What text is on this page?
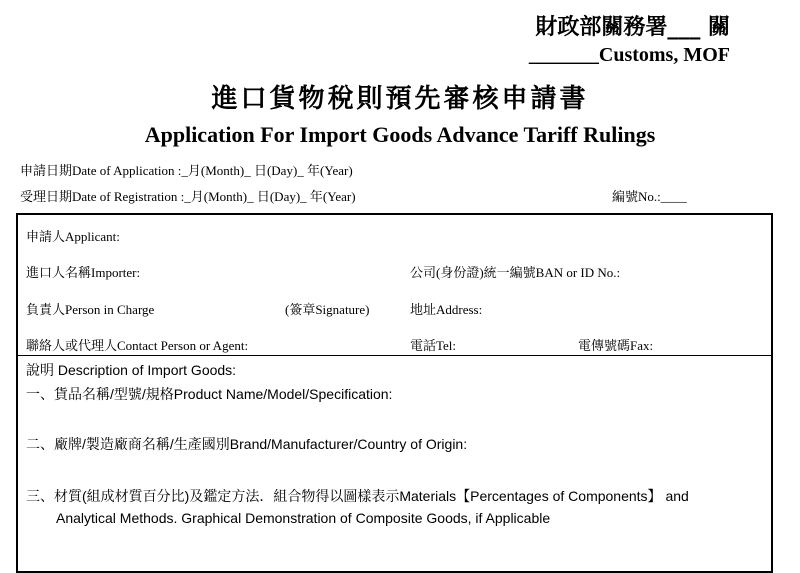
財政部關務署___ 關
_______Customs, MOF
進口貨物稅則預先審核申請書
Application For Import Goods Advance Tariff Rulings
申請日期Date of Application :_月(Month)_ 日(Day)_ 年(Year)
受理日期Date of Registration :_月(Month)_ 日(Day)_ 年(Year)	編號No.:____
申請人Applicant:
進口人名稱Importer:	公司(身份證)統一編號BAN or ID No.:
負責人Person in Charge	(簽章Signature)	地址Address:
聯絡人或代理人Contact Person or Agent:	電話Tel:	電傳號碼Fax:
說明 Description of Import Goods:
一、貨品名稱/型號/規格Product Name/Model/Specification:
二、廠牌/製造廠商名稱/生產國別Brand/Manufacturer/Country of Origin:
三、材質(組成材質百分比)及鑑定方法．組合物得以圖樣表示Materials【Percentages of Components】 and
Analytical Methods. Graphical Demonstration of Composite Goods, if Applicable
